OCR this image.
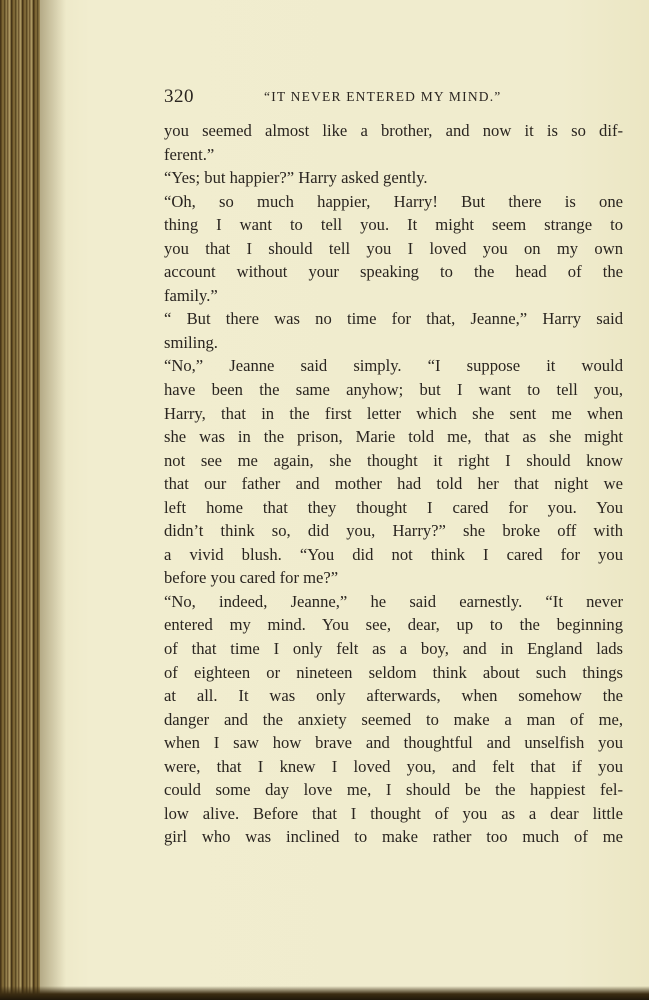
320	“IT NEVER ENTERED MY MIND.”
you seemed almost like a brother, and now it is so dif-
ferent.”
“Yes; but happier?” Harry asked gently.
“Oh, so much happier, Harry! But there is one
thing I want to tell you. It might seem strange to
you that I should tell you I loved you on my own
account without your speaking to the head of the
family.”
“ But there was no time for that, Jeanne,” Harry said
smiling.
“No,” Jeanne said simply. “I suppose it would
have been the same anyhow; but I want to tell you,
Harry, that in the first letter which she sent me when
she was in the prison, Marie told me, that as she might
not see me again, she thought it right I should know
that our father and mother had told her that night we
left home that they thought I cared for you. You
didn’t think so, did you, Harry?” she broke off with
a vivid blush. “You did not think I cared for you
before you cared for me?”
“No, indeed, Jeanne,” he said earnestly. “It never
entered my mind. You see, dear, up to the beginning
of that time I only felt as a boy, and in England lads
of eighteen or nineteen seldom think about such things
at all. It was only afterwards, when somehow the
danger and the anxiety seemed to make a man of me,
when I saw how brave and thoughtful and unselfish you
were, that I knew I loved you, and felt that if you
could some day love me, I should be the happiest fel-
low alive. Before that I thought of you as a dear little
girl who was inclined to make rather too much of me
